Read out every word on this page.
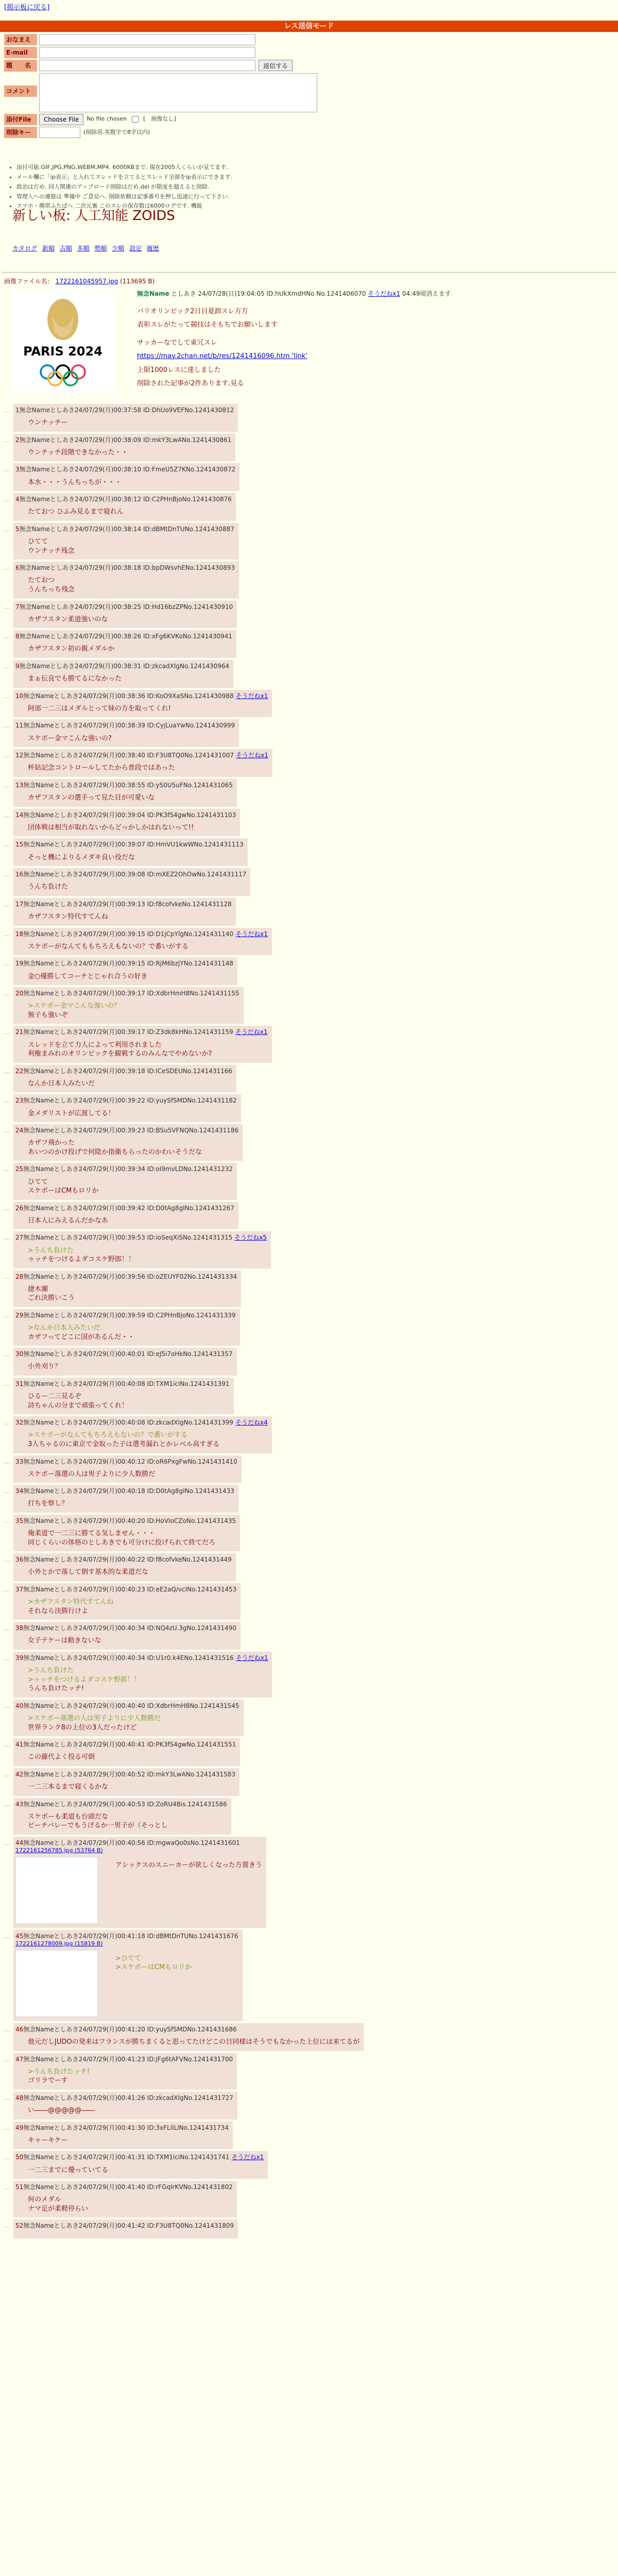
[掲示板に戻る]
レス送信モード
おなまえ
E-mail
題　　名	返信する
コメント
添付File	Choose File	No file chosen	[　画像なし]
削除キー	(削除用.英数字で8字以内)
• 添付可能:GIF,JPG,PNG,WEBM,MP4. 6000KBまで. 現在2005人くらいが見てます.
• メール欄に「ip表示」と入れてスレッドを立てるとスレッド全部をip表示にできます.
• 政治はだめ. 同人関連のアップロード削除はだめ.del が限度を超えると削除.
• 管理人への連絡は 準備中 ご意見へ. 削除依頼は記事番号を押し迅速に行って下さい.
• スマホ・携帯ふたばへ 二次元裏 このスレの保存数は6000ログです. 機能
新しい板: 人工知能 ZOIDS
カタログ 新順 古順 多順 勢順 少順 設定 履歴
画像ファイル名： 1722161045957.jpg (113695 B)
PARIS 2024
無念Name としあき 24/07/28(日)19:04:05 ID:hUkXmdHNo No.1241406070 そうだねx1 04:49頃消えます
パリオリンピック2日目夏卸スレ方方
表彰スレがたって競技はそもちでお願いします
サッカーなでして東冗スレ
https://may.2chan.net/b/res/1241416096.htm 'link'
上限1000レスに達しました
削除された記事が2件あります.見る
… 1無念Nameとしあき24/07/29(月)00:37:58 ID:DhUo9VEFNo.1241430812
ウンチッチー
… 2無念Nameとしあき24/07/29(月)00:38:09 ID:mkY3LwANo.1241430861
ウンチッチ段階できなかった・・
… 3無念Nameとしあき24/07/29(月)00:38:10 ID:FmeU5Z7KNo.1241430872
本水・・・うんちっちが・・・
… 4無念Nameとしあき24/07/29(月)00:38:12 ID:C2PHnBjoNo.1241430876
たておつ ひふみ見るまで寝れん
… 5無念Nameとしあき24/07/29(月)00:38:14 ID:dBMtDnTUNo.1241430887
ひてて
ウンチッチ残念
… 6無念Nameとしあき24/07/29(月)00:38:18 ID:bpDWsvhENo.1241430893
たておつ
うんちっち残念
… 7無念Nameとしあき24/07/29(月)00:38:25 ID:Hd16bzZPNo.1241430910
カザフスタン柔道強いのな
… 8無念Nameとしあき24/07/29(月)00:38:26 ID:xFg6KVKoNo.1241430941
カザフスタン初の親メダルか
… 9無念Nameとしあき24/07/29(月)00:38:31 ID:zkcadXIgNo.1241430964
まぁ伝良でも勝てるになかった
… 10無念Nameとしあき24/07/29(月)00:38:36 ID:KoO9XaSNo.1241430988 そうだねx1
阿部一二三はメダルとって妹の方を取ってくれ!
… 11無念Nameとしあき24/07/29(月)00:38:39 ID:CyjLuaYwNo.1241430999
スケボー金マこんな強いの?
… 12無念Nameとしあき24/07/29(月)00:38:40 ID:F3U8TQ0No.1241431007 そうだねx1
杯姑記念コントロールしてたから普段ではあった
… 13無念Nameとしあき24/07/29(月)00:38:55 ID:yS0U5uFNo.1241431065
カザフスタンの選手って見た目が可愛いな
… 14無念Nameとしあき24/07/29(月)00:39:04 ID:PK3fS4gwNo.1241431103
団体戦は相当が取れないからどっかしかはれないって!!
… 15無念Nameとしあき24/07/29(月)00:39:07 ID:HmVU1kwWNo.1241431113
そっと機によりるメダキ良い役だな
… 16無念Nameとしあき24/07/29(月)00:39:08 ID:mXEZ2OhOwNo.1241431117
うんち負けた
… 17無念Nameとしあき24/07/29(月)00:39:13 ID:f8cofvkeNo.1241431128
カザフスタン特代すてんね
… 18無念Nameとしあき24/07/29(月)00:39:15 ID:D1jCpYlgNo.1241431140 そうだねx1
スケボーがなんてももちろえもないの？で番いがする
… 19無念Nameとしあき24/07/29(月)00:39:15 ID:RjM6bzjYNo.1241431148
金○優勝してコーチとじゃれ合うの好き
… 20無念Nameとしあき24/07/29(月)00:39:17 ID:XdbrHmH8No.1241431155
>スケボー金マこんな強いの？
無子も強いぞ
… 21無念Nameとしあき24/07/29(月)00:39:17 ID:Z3dk8kHNo.1241431159 そうだねx1
スレッドを立て力人によって利用されました
利権まみれのオリンピックを観戦するのみんなでやめないか?
… 22無念Nameとしあき24/07/29(月)00:39:18 ID:lCeSDEUNo.1241431166
なんか日本人みたいだ
… 23無念Nameとしあき24/07/29(月)00:39:22 ID:yuySfSMDNo.1241431182
金メダリストが広渡してる！
… 24無念Nameとしあき24/07/29(月)00:39:23 ID:BSu5VFNQNo.1241431186
カザフ飛かった
あいつのかけ投げで何陰か指衛もらったのかわいそうだな
… 25無念Nameとしあき24/07/29(月)00:39:34 ID:oI9mvLDNo.1241431232
ひてて
スケボーはCMもロリか
… 26無念Nameとしあき24/07/29(月)00:39:42 ID:D0tAg8gINo.1241431267
日本人にみえるんだかなあ
… 27無念Nameとしあき24/07/29(月)00:39:53 ID:ioSeqXiSNo.1241431315 そうだねx5
>うんち負けた
ゥッチをつけるよダコスケ野郎！！
… 28無念Nameとしあき24/07/29(月)00:39:56 ID:oZEUYF02No.1241431334
捷木瀬
ごれ決勝いこう
… 29無念Nameとしあき24/07/29(月)00:39:59 ID:C2PHnBjoNo.1241431339
>なんか日本人みたいだ
カザフってどこに国があるんだ・・
… 30無念Nameとしあき24/07/29(月)00:40:01 ID:eJ5i7oHkNo.1241431357
小外刈り？
… 31無念Nameとしあき24/07/29(月)00:40:08 ID:TXM1iciNo.1241431391
ひるー二三見るぞ
詩ちゃんの分まで頑張ってくれ！
… 32無念Nameとしあき24/07/29(月)00:40:08 ID:zkcadXIgNo.1241431399 そうだねx4
>スケボーがなんてもちろえもないの？で番いがする
3人ちゃるのに東京で金取った子は選考漏れとかレベル高すぎる
… 33無念Nameとしあき24/07/29(月)00:40:12 ID:oR6PxgFwNo.1241431410
スケボー落選の人は男子よりに少人数勝だ
… 34無念Nameとしあき24/07/29(月)00:40:18 ID:D0tAg8gINo.1241431433
打ちを察し？
… 35無念Nameとしあき24/07/29(月)00:40:20 ID:HoVIoCZoNo.1241431435
俺柔道で一二三に勝てる気しません・・・
同じくらいの体格のとしあきでも可分けに投げられて終てだろ
… 36無念Nameとしあき24/07/29(月)00:40:22 ID:f8cofvkeNo.1241431449
小外とかで落して倒す基本的な柔道だな
… 37無念Nameとしあき24/07/29(月)00:40:23 ID:eE2aQ/vcINo.1241431453
>カザフスタン特代すてんね
それなら決勝行けよ
… 38無念Nameとしあき24/07/29(月)00:40:34 ID:NQ4zU.3gNo.1241431490
女子テケーは動きないな
… 39無念Nameとしあき24/07/29(月)00:40:34 ID:U1r0.k4ENo.1241431516 そうだねx1
>うんち負けた
>ゥッチをつけるよダコスケ野郎！！
うんち負けたッチ!
… 40無念Nameとしあき24/07/29(月)00:40:40 ID:XdbrHmH8No.1241431545
>スケボー落選の人は男子よりに少人数勝だ
世界ランク8の上位の3人だったけど
… 41無念Nameとしあき24/07/29(月)00:40:41 ID:PK3fS4gwNo.1241431551
この藤代よく投る可倒
… 42無念Nameとしあき24/07/29(月)00:40:52 ID:mkY3LwANo.1241431583
一二三本るまで寝くるかな
… 43無念Nameとしあき24/07/29(月)00:40:53 ID:ZoRU4Bis.1241431586
スケボーも柔道も台頭だな
ピーチバレーでもうげるか一男子が（そっとし
… 44無念Nameとしあき24/07/29(月)00:40:56 ID:mgwaQo0sNo.1241431601
1722161256785.jpg (53764 B)
アシックスのスニーカーが欲しくなった方置きう
… 45無念Nameとしあき24/07/29(月)00:41:18 ID:dBMtDnTUNo.1241431676
1722161278009.jpg (15819 B)
>ひてて
>スケボーはCMもロリか
… 46無念Nameとしあき24/07/29(月)00:41:20 ID:yuySfSMDNo.1241431686
他元だしJUDOの発来はフランスが勝ちまくると思ってたけどこの日同様はそうでもなかった上位には来てるが
… 47無念Nameとしあき24/07/29(月)00:41:23 ID:jFg6tAFVNo.1241431700
>うんち負けたッチ!
ゴリラでーす
… 48無念Nameとしあき24/07/29(月)00:41:26 ID:zkcadXIgNo.1241431727
い――@@@@@――
… 49無念Nameとしあき24/07/29(月)00:41:30 ID:3xFLliLINo.1241431734
キャーキケー
… 50無念Nameとしあき24/07/29(月)00:41:31 ID:TXM1iciNo.1241431741 そうだねx1
一二三までに優っていてる
… 51無念Nameとしあき24/07/29(月)00:41:40 ID:rFGqlrKVNo.1241431802
何のメダル
ナマ足が柔軽停らい
… 52無念Nameとしあき24/07/29(月)00:41:42 ID:F3U8TQ0No.1241431809
